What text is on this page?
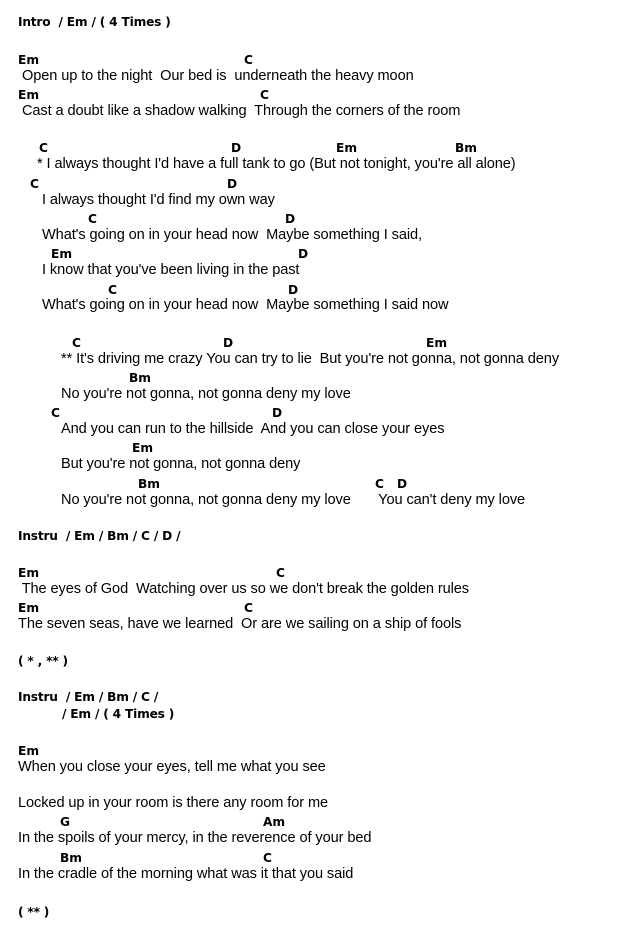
Intro  / Em / ( 4 Times )
Em	C
Open up to the night  Our bed is  underneath the heavy moon
Em	C
Cast a doubt like a shadow walking  Through the corners of the room
C	D	Em	Bm
* I always thought I'd have a full tank to go (But not tonight, you're all alone)
C	D
I always thought I'd find my own way
C	D
What's going on in your head now  Maybe something I said,
Em	D
I know that you've been living in the past
C	D
What's going on in your head now  Maybe something I said now
C	D	Em
** It's driving me crazy You can try to lie  But you're not gonna, not gonna deny
Bm
No you're not gonna, not gonna deny my love
C	D
And you can run to the hillside  And you can close your eyes
Em
But you're not gonna, not gonna deny
Bm	C D
No you're not gonna, not gonna deny my love       You can't deny my love
Instru  / Em / Bm / C / D /
Em	C
The eyes of God  Watching over us so we don't break the golden rules
Em	C
The seven seas, have we learned  Or are we sailing on a ship of fools
( * , ** )
Instru  / Em / Bm / C /
/ Em / ( 4 Times )
Em
When you close your eyes, tell me what you see
Locked up in your room is there any room for me
G	Am
In the spoils of your mercy, in the reverence of your bed
Bm	C
In the cradle of the morning what was it that you said
( ** )
